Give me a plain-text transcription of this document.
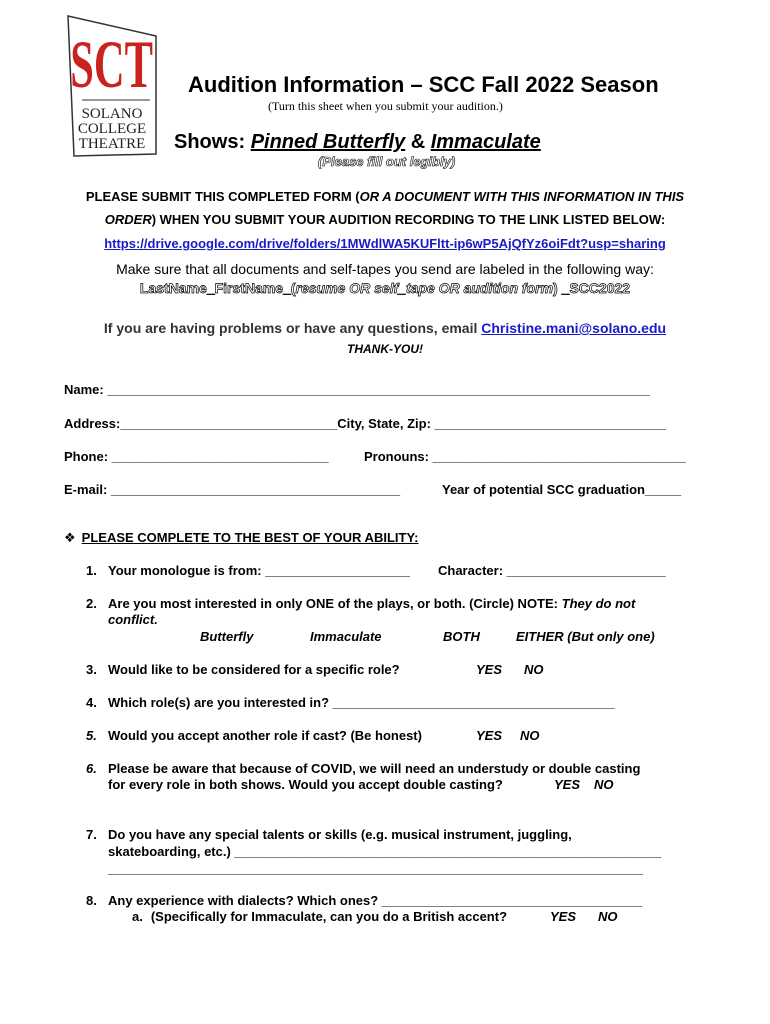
SCT
SOLANO
COLLEGE
THEATRE
Audition Information – SCC Fall 2022 Season
(Turn this sheet when you submit your audition.)
Shows: Pinned Butterfly & Immaculate
(Please fill out legibly)
PLEASE SUBMIT THIS COMPLETED FORM (OR A DOCUMENT WITH THIS INFORMATION IN THIS ORDER) WHEN YOU SUBMIT YOUR AUDITION RECORDING TO THE LINK LISTED BELOW:
https://drive.google.com/drive/folders/1MWdlWA5KUFltt-ip6wP5AjQfYz6oiFdt?usp=sharing
Make sure that all documents and self-tapes you send are labeled in the following way:
LastName_FirstName_(resume OR self_tape OR audition form) _SCC2022
If you are having problems or have any questions, email Christine.mani@solano.edu
THANK-YOU!
Name: ___________________________________________________________________________
Address:______________________________City, State, Zip: ________________________________
Phone: ______________________________	Pronouns: ___________________________________
E-mail: ________________________________________	Year of potential SCC graduation_____
❖ PLEASE COMPLETE TO THE BEST OF YOUR ABILITY:
1. Your monologue is from: ____________________ Character: ______________________
2. Are you most interested in only ONE of the plays, or both. (Circle) NOTE: They do not
conflict.
Butterfly	Immaculate	BOTH	EITHER (But only one)
3. Would like to be considered for a specific role?	YES NO
4. Which role(s) are you interested in? _______________________________________
5. Would you accept another role if cast? (Be honest)	YES NO
6. Please be aware that because of COVID, we will need an understudy or double casting
for every role in both shows. Would you accept double casting?	YES NO
7. Do you have any special talents or skills (e.g. musical instrument, juggling,
skateboarding, etc.) ___________________________________________________________
__________________________________________________________________________
8. Any experience with dialects? Which ones? ____________________________________
a. (Specifically for Immaculate, can you do a British accent?	YES NO
